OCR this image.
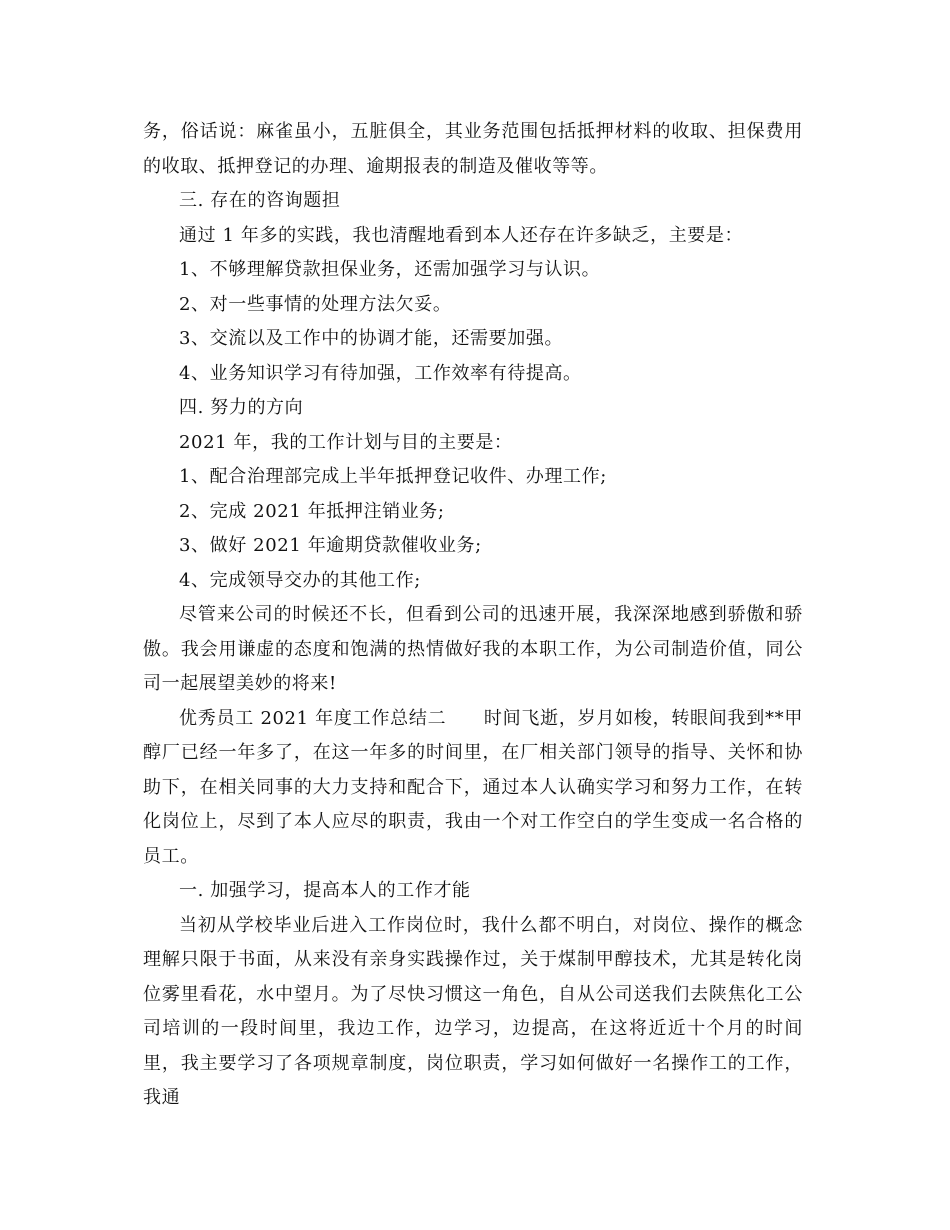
务，俗话说：麻雀虽小，五脏俱全，其业务范围包括抵押材料的收取、担保费用的收取、抵押登记的办理、逾期报表的制造及催收等等。

三. 存在的咨询题担

通过 1 年多的实践，我也清醒地看到本人还存在许多缺乏，主要是：

1、不够理解贷款担保业务，还需加强学习与认识。

2、对一些事情的处理方法欠妥。

3、交流以及工作中的协调才能，还需要加强。

4、业务知识学习有待加强，工作效率有待提高。

四. 努力的方向

2021 年，我的工作计划与目的主要是：

1、配合治理部完成上半年抵押登记收件、办理工作;

2、完成 2021 年抵押注销业务;

3、做好 2021 年逾期贷款催收业务;

4、完成领导交办的其他工作;

尽管来公司的时候还不长，但看到公司的迅速开展，我深深地感到骄傲和骄傲。我会用谦虚的态度和饱满的热情做好我的本职工作，为公司制造价值，同公司一起展望美妙的将来!

优秀员工 2021 年度工作总结二　　时间飞逝，岁月如梭，转眼间我到**甲醇厂已经一年多了，在这一年多的时间里，在厂相关部门领导的指导、关怀和协助下，在相关同事的大力支持和配合下，通过本人认确实学习和努力工作，在转化岗位上，尽到了本人应尽的职责，我由一个对工作空白的学生变成一名合格的员工。

一. 加强学习，提高本人的工作才能

当初从学校毕业后进入工作岗位时，我什么都不明白，对岗位、操作的概念理解只限于书面，从来没有亲身实践操作过，关于煤制甲醇技术，尤其是转化岗位雾里看花，水中望月。为了尽快习惯这一角色，自从公司送我们去陕焦化工公司培训的一段时间里，我边工作，边学习，边提高，在这将近近十个月的时间里，我主要学习了各项规章制度，岗位职责，学习如何做好一名操作工的工作，我通
